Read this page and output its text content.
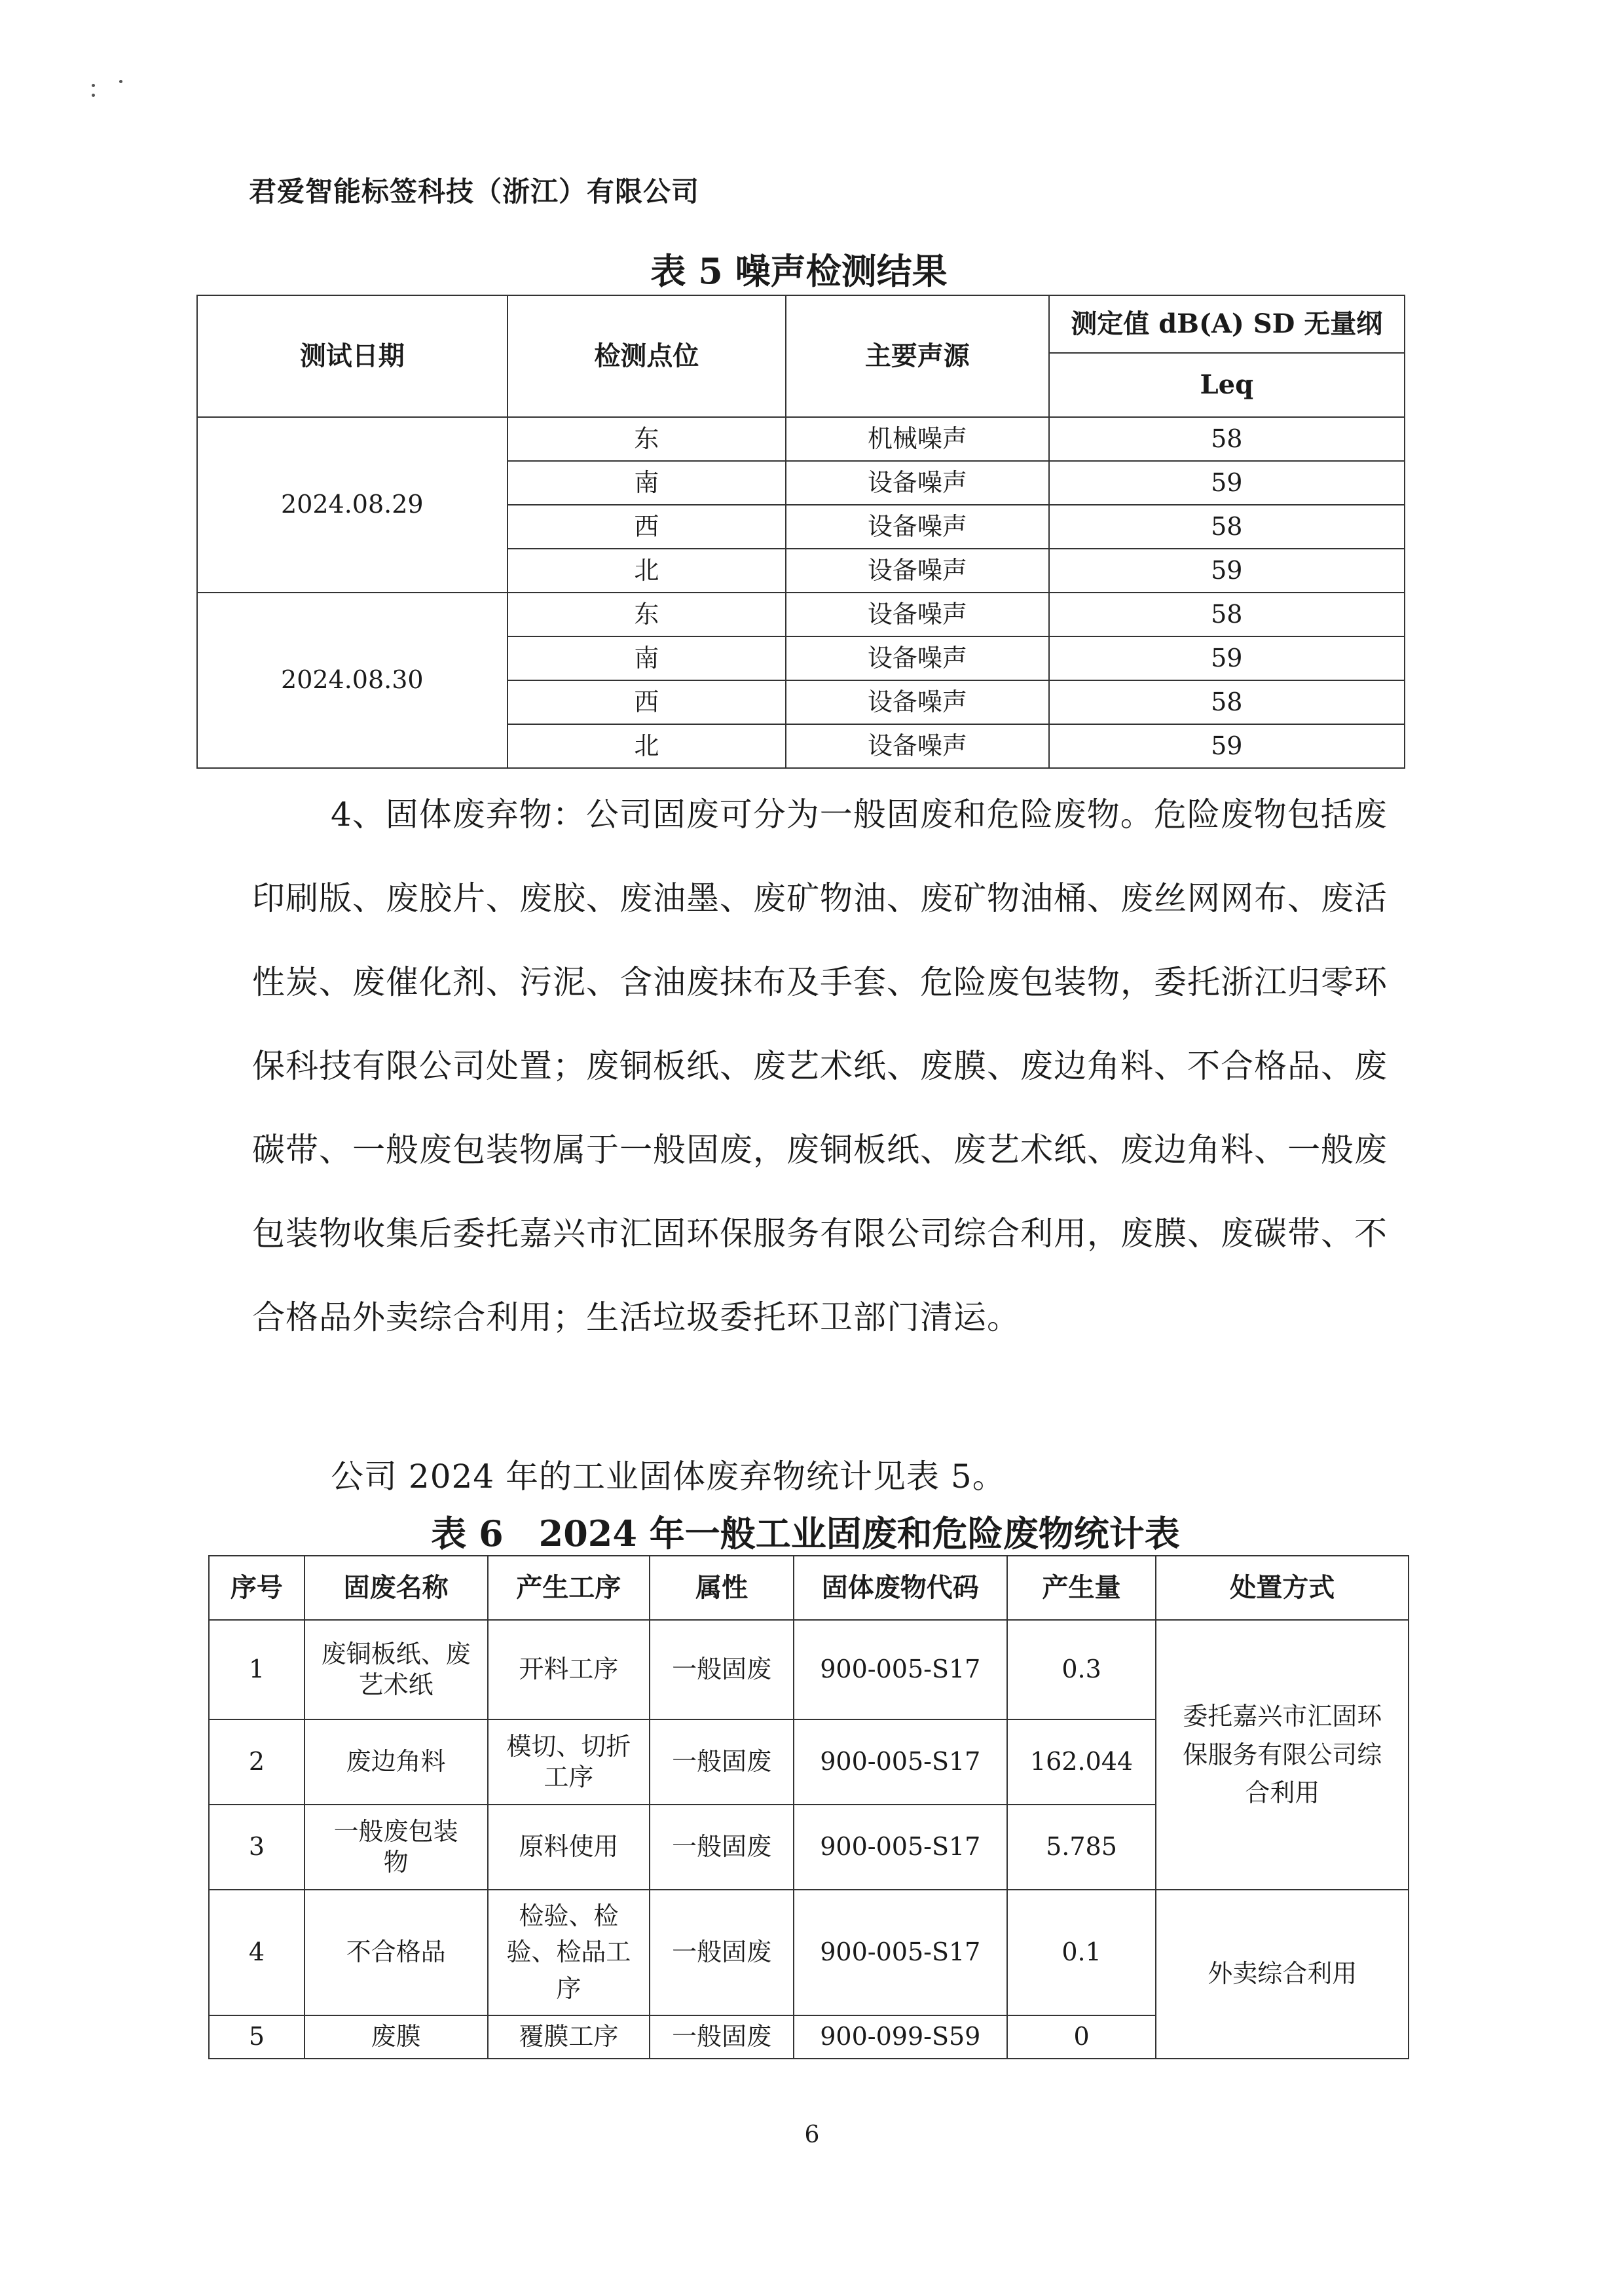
君爱智能标签科技（浙江）有限公司
表 5 噪声检测结果
测试日期	检测点位	主要声源	测定值 dB(A) SD 无量纲
			Leq
2024.08.29	东	机械噪声	58
	南	设备噪声	59
	西	设备噪声	58
	北	设备噪声	59
2024.08.30	东	设备噪声	58
	南	设备噪声	59
	西	设备噪声	58
	北	设备噪声	59
4、固体废弃物：公司固废可分为一般固废和危险废物。危险废物包括废印刷版、废胶片、废胶、废油墨、废矿物油、废矿物油桶、废丝网网布、废活性炭、废催化剂、污泥、含油废抹布及手套、危险废包装物，委托浙江归零环保科技有限公司处置；废铜板纸、废艺术纸、废膜、废边角料、不合格品、废碳带、一般废包装物属于一般固废，废铜板纸、废艺术纸、废边角料、一般废包装物收集后委托嘉兴市汇固环保服务有限公司综合利用，废膜、废碳带、不合格品外卖综合利用；生活垃圾委托环卫部门清运。
公司 2024 年的工业固体废弃物统计见表 5。
表 6　2024 年一般工业固废和危险废物统计表
序号	固废名称	产生工序	属性	固体废物代码	产生量	处置方式
1	废铜板纸、废艺术纸	开料工序	一般固废	900-005-S17	0.3	委托嘉兴市汇固环保服务有限公司综合利用
2	废边角料	模切、切折工序	一般固废	900-005-S17	162.044	
3	一般废包装物	原料使用	一般固废	900-005-S17	5.785	
4	不合格品	检验、检验、检品工序	一般固废	900-005-S17	0.1	外卖综合利用
5	废膜	覆膜工序	一般固废	900-099-S59	0	
6
